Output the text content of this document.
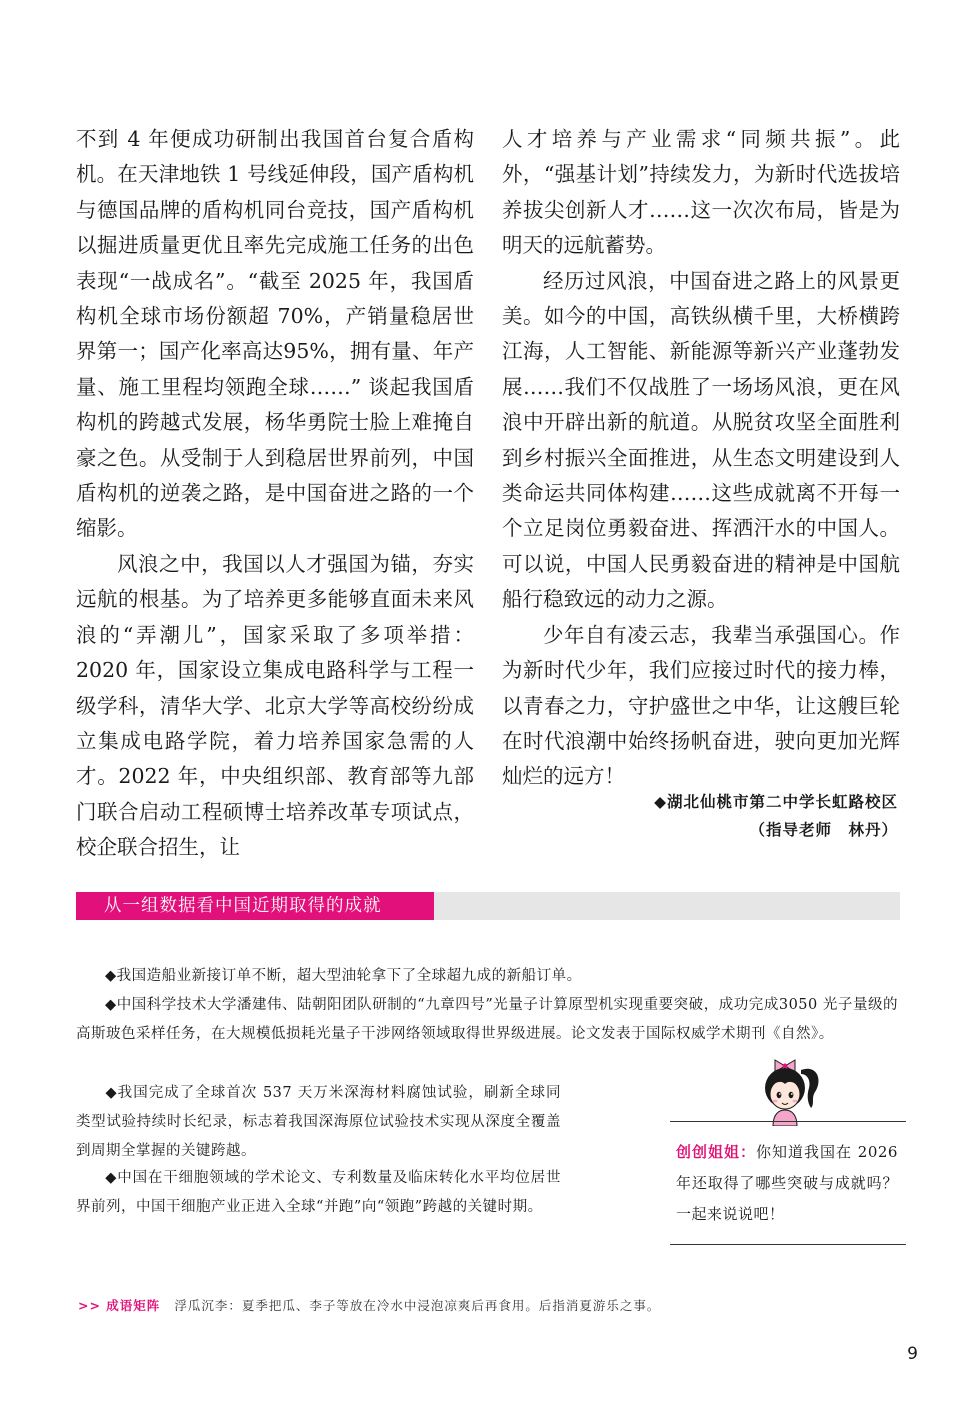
不到 4 年便成功研制出我国首台复合盾构机。在天津地铁 1 号线延伸段，国产盾构机与德国品牌的盾构机同台竞技，国产盾构机以掘进质量更优且率先完成施工任务的出色表现“一战成名”。“截至 2025 年，我国盾构机全球市场份额超 70%，产销量稳居世界第一；国产化率高达95%，拥有量、年产量、施工里程均领跑全球……” 谈起我国盾构机的跨越式发展，杨华勇院士脸上难掩自豪之色。从受制于人到稳居世界前列，中国盾构机的逆袭之路，是中国奋进之路的一个缩影。

风浪之中，我国以人才强国为锚，夯实远航的根基。为了培养更多能够直面未来风浪的“弄潮儿”，国家采取了多项举措：2020 年，国家设立集成电路科学与工程一级学科，清华大学、北京大学等高校纷纷成立集成电路学院，着力培养国家急需的人才。2022 年，中央组织部、教育部等九部门联合启动工程硕博士培养改革专项试点，校企联合招生，让

人才培养与产业需求“同频共振”。此外，“强基计划”持续发力，为新时代选拔培养拔尖创新人才……这一次次布局，皆是为明天的远航蓄势。

经历过风浪，中国奋进之路上的风景更美。如今的中国，高铁纵横千里，大桥横跨江海，人工智能、新能源等新兴产业蓬勃发展……我们不仅战胜了一场场风浪，更在风浪中开辟出新的航道。从脱贫攻坚全面胜利到乡村振兴全面推进，从生态文明建设到人类命运共同体构建……这些成就离不开每一个立足岗位勇毅奋进、挥洒汗水的中国人。可以说，中国人民勇毅奋进的精神是中国航船行稳致远的动力之源。

少年自有凌云志，我辈当承强国心。作为新时代少年，我们应接过时代的接力棒，以青春之力，守护盛世之中华，让这艘巨轮在时代浪潮中始终扬帆奋进，驶向更加光辉灿烂的远方！

◆湖北仙桃市第二中学长虹路校区
（指导老师　林丹）
从一组数据看中国近期取得的成就
◆我国造船业新接订单不断，超大型油轮拿下了全球超九成的新船订单。
◆中国科学技术大学潘建伟、陆朝阳团队研制的“九章四号”光量子计算原型机实现重要突破，成功完成3050 光子量级的高斯玻色采样任务，在大规模低损耗光量子干涉网络领域取得世界级进展。论文发表于国际权威学术期刊《自然》。
◆我国完成了全球首次 537 天万米深海材料腐蚀试验，刷新全球同类型试验持续时长纪录，标志着我国深海原位试验技术实现从深度全覆盖到周期全掌握的关键跨越。
◆中国在干细胞领域的学术论文、专利数量及临床转化水平均位居世界前列，中国干细胞产业正进入全球“并跑”向“领跑”跨越的关键时期。
创创姐姐：你知道我国在 2026 年还取得了哪些突破与成就吗？一起来说说吧！
>> 成语矩阵 浮瓜沉李：夏季把瓜、李子等放在冷水中浸泡凉爽后再食用。后指消夏游乐之事。
9
